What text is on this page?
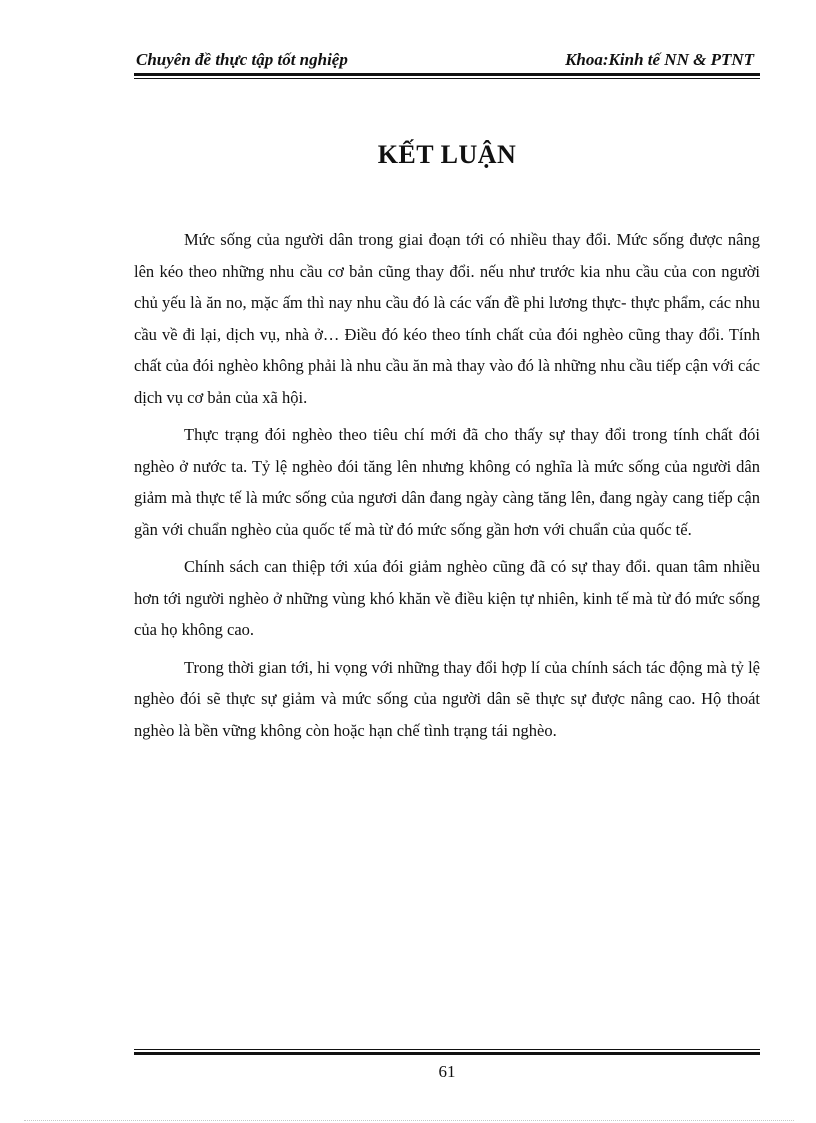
Chuyên đề thực tập tốt nghiệp	Khoa:Kinh tế NN & PTNT
KẾT LUẬN

Mức sống của người dân trong giai đoạn tới có nhiều thay đổi. Mức sống được nâng lên kéo theo những nhu cầu cơ bản cũng thay đổi. nếu như trước kia nhu cầu của con người chủ yếu là ăn no, mặc ấm thì nay nhu cầu đó là các vấn đề phi lương thực- thực phẩm, các nhu cầu về đi lại, dịch vụ, nhà ở… Điều đó kéo theo tính chất của đói nghèo cũng thay đổi. Tính chất của đói nghèo không phải là nhu cầu ăn mà thay vào đó là những nhu cầu tiếp cận với các dịch vụ cơ bản của xã hội.

Thực trạng đói nghèo theo tiêu chí mới đã cho thấy sự thay đổi trong tính chất đói nghèo ở nước ta. Tỷ lệ nghèo đói tăng lên nhưng không có nghĩa là mức sống của người dân giảm mà thực tế là mức sống của ngươi dân đang ngày càng tăng lên, đang ngày cang tiếp cận gần với chuẩn nghèo của quốc tế mà từ đó mức sống gần hơn với chuẩn của quốc tế.

Chính sách can thiệp tới xúa đói giảm nghèo cũng đã có sự thay đổi. quan tâm nhiều hơn tới người nghèo ở những vùng khó khăn về điều kiện tự nhiên, kinh tế mà từ đó mức sống của họ không cao.

Trong thời gian tới, hi vọng với những thay đổi hợp lí của chính sách tác động mà tỷ lệ nghèo đói sẽ thực sự giảm và mức sống của người dân sẽ thực sự được nâng cao. Hộ thoát nghèo là bền vững không còn hoặc hạn chế tình trạng tái nghèo.

61
